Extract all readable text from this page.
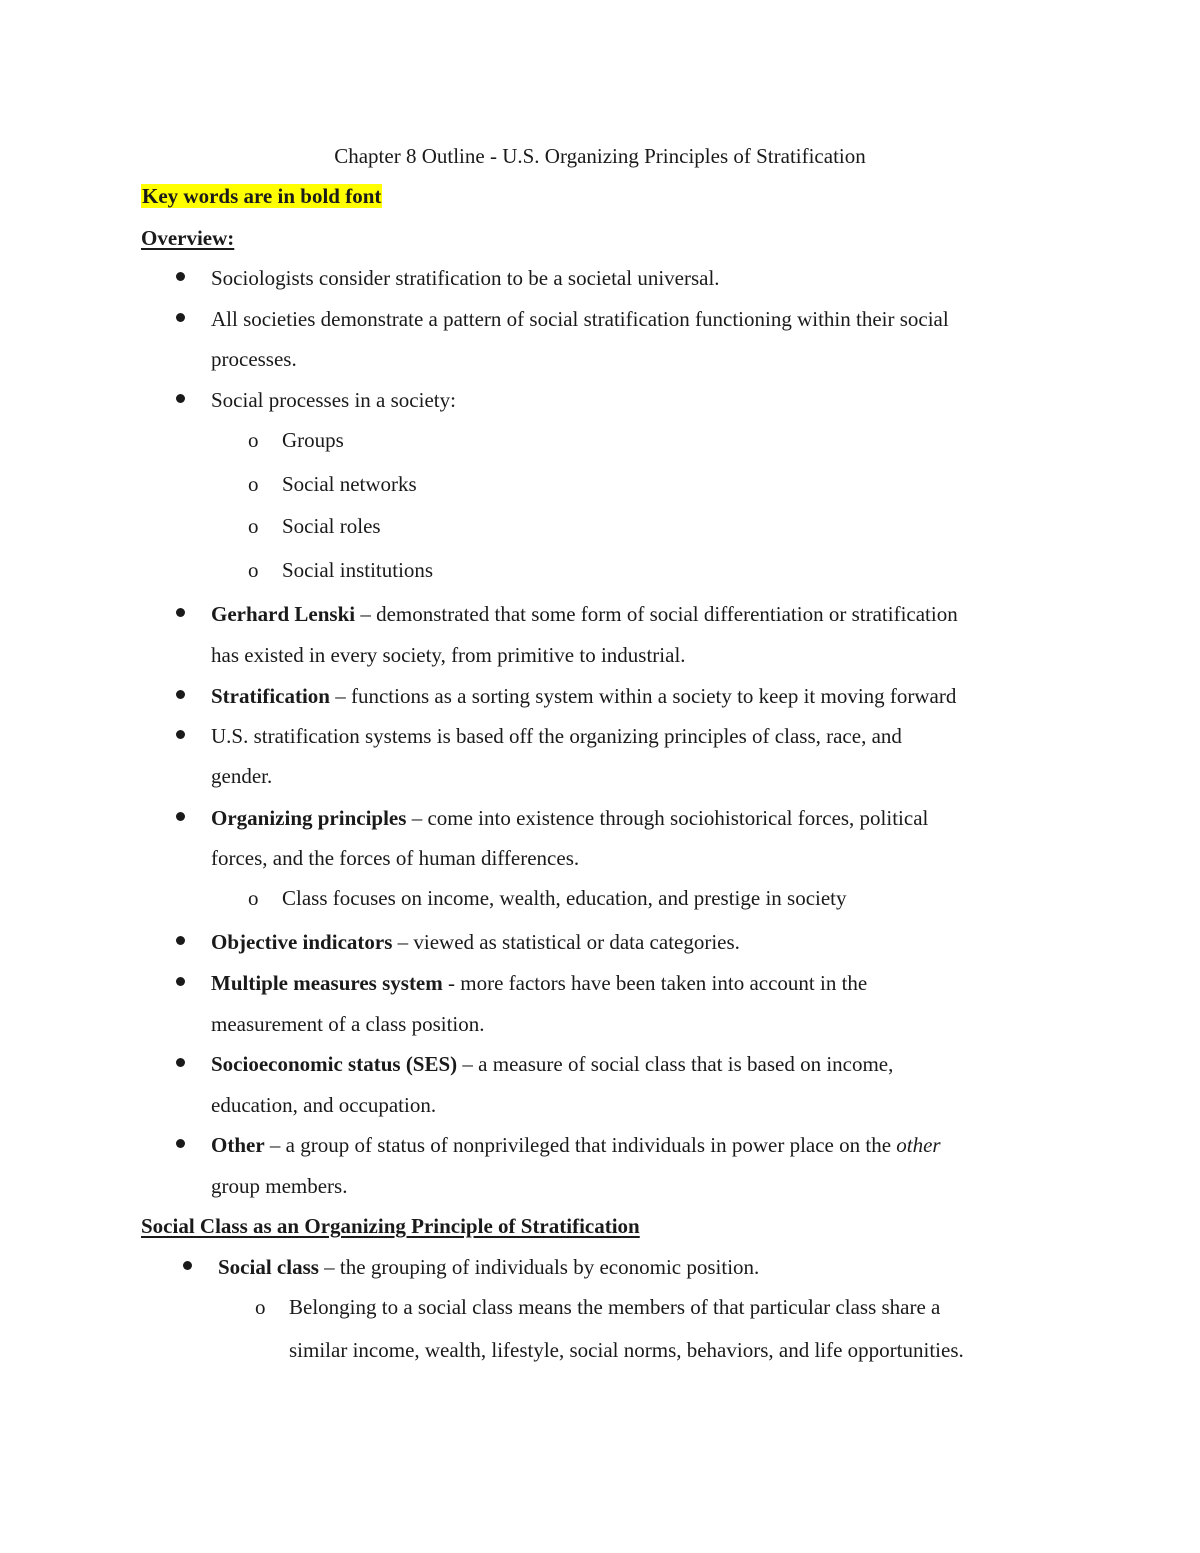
Chapter 8 Outline - U.S. Organizing Principles of Stratification
Key words are in bold font
Overview:
Sociologists consider stratification to be a societal universal.
All societies demonstrate a pattern of social stratification functioning within their social
processes.
Social processes in a society:
o Groups
o Social networks
o Social roles
o Social institutions
Gerhard Lenski – demonstrated that some form of social differentiation or stratification
has existed in every society, from primitive to industrial.
Stratification – functions as a sorting system within a society to keep it moving forward
U.S. stratification systems is based off the organizing principles of class, race, and
gender.
Organizing principles – come into existence through sociohistorical forces, political
forces, and the forces of human differences.
o Class focuses on income, wealth, education, and prestige in society
Objective indicators – viewed as statistical or data categories.
Multiple measures system - more factors have been taken into account in the
measurement of a class position.
Socioeconomic status (SES) – a measure of social class that is based on income,
education, and occupation.
Other – a group of status of nonprivileged that individuals in power place on the other
group members.
Social Class as an Organizing Principle of Stratification
Social class – the grouping of individuals by economic position.
o Belonging to a social class means the members of that particular class share a
similar income, wealth, lifestyle, social norms, behaviors, and life opportunities.
